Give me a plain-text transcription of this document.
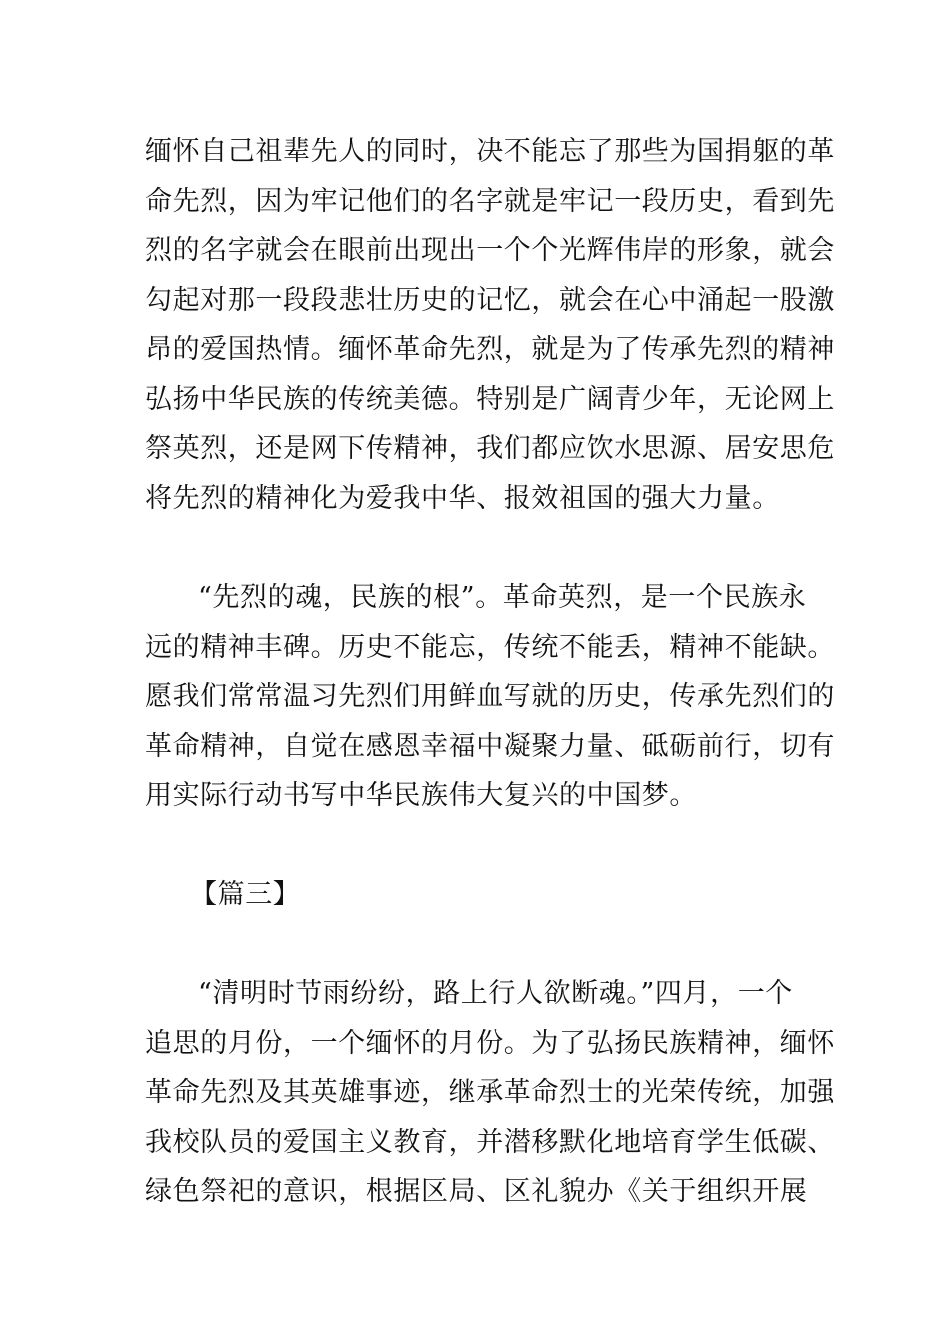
缅怀自己祖辈先人的同时，决不能忘了那些为国捐躯的革
命先烈，因为牢记他们的名字就是牢记一段历史，看到先
烈的名字就会在眼前出现出一个个光辉伟岸的形象，就会
勾起对那一段段悲壮历史的记忆，就会在心中涌起一股激
昂的爱国热情。缅怀革命先烈，就是为了传承先烈的精神
弘扬中华民族的传统美德。特别是广阔青少年，无论网上
祭英烈，还是网下传精神，我们都应饮水思源、居安思危
将先烈的精神化为爱我中华、报效祖国的强大力量。
“先烈的魂，民族的根”。革命英烈，是一个民族永
远的精神丰碑。历史不能忘，传统不能丢，精神不能缺。
愿我们常常温习先烈们用鲜血写就的历史，传承先烈们的
革命精神，自觉在感恩幸福中凝聚力量、砥砺前行，切有
用实际行动书写中华民族伟大复兴的中国梦。
【篇三】
“清明时节雨纷纷，路上行人欲断魂。”四月，一个
追思的月份，一个缅怀的月份。为了弘扬民族精神，缅怀
革命先烈及其英雄事迹，继承革命烈士的光荣传统，加强
我校队员的爱国主义教育，并潜移默化地培育学生低碳、
绿色祭祀的意识，根据区局、区礼貌办《关于组织开展
